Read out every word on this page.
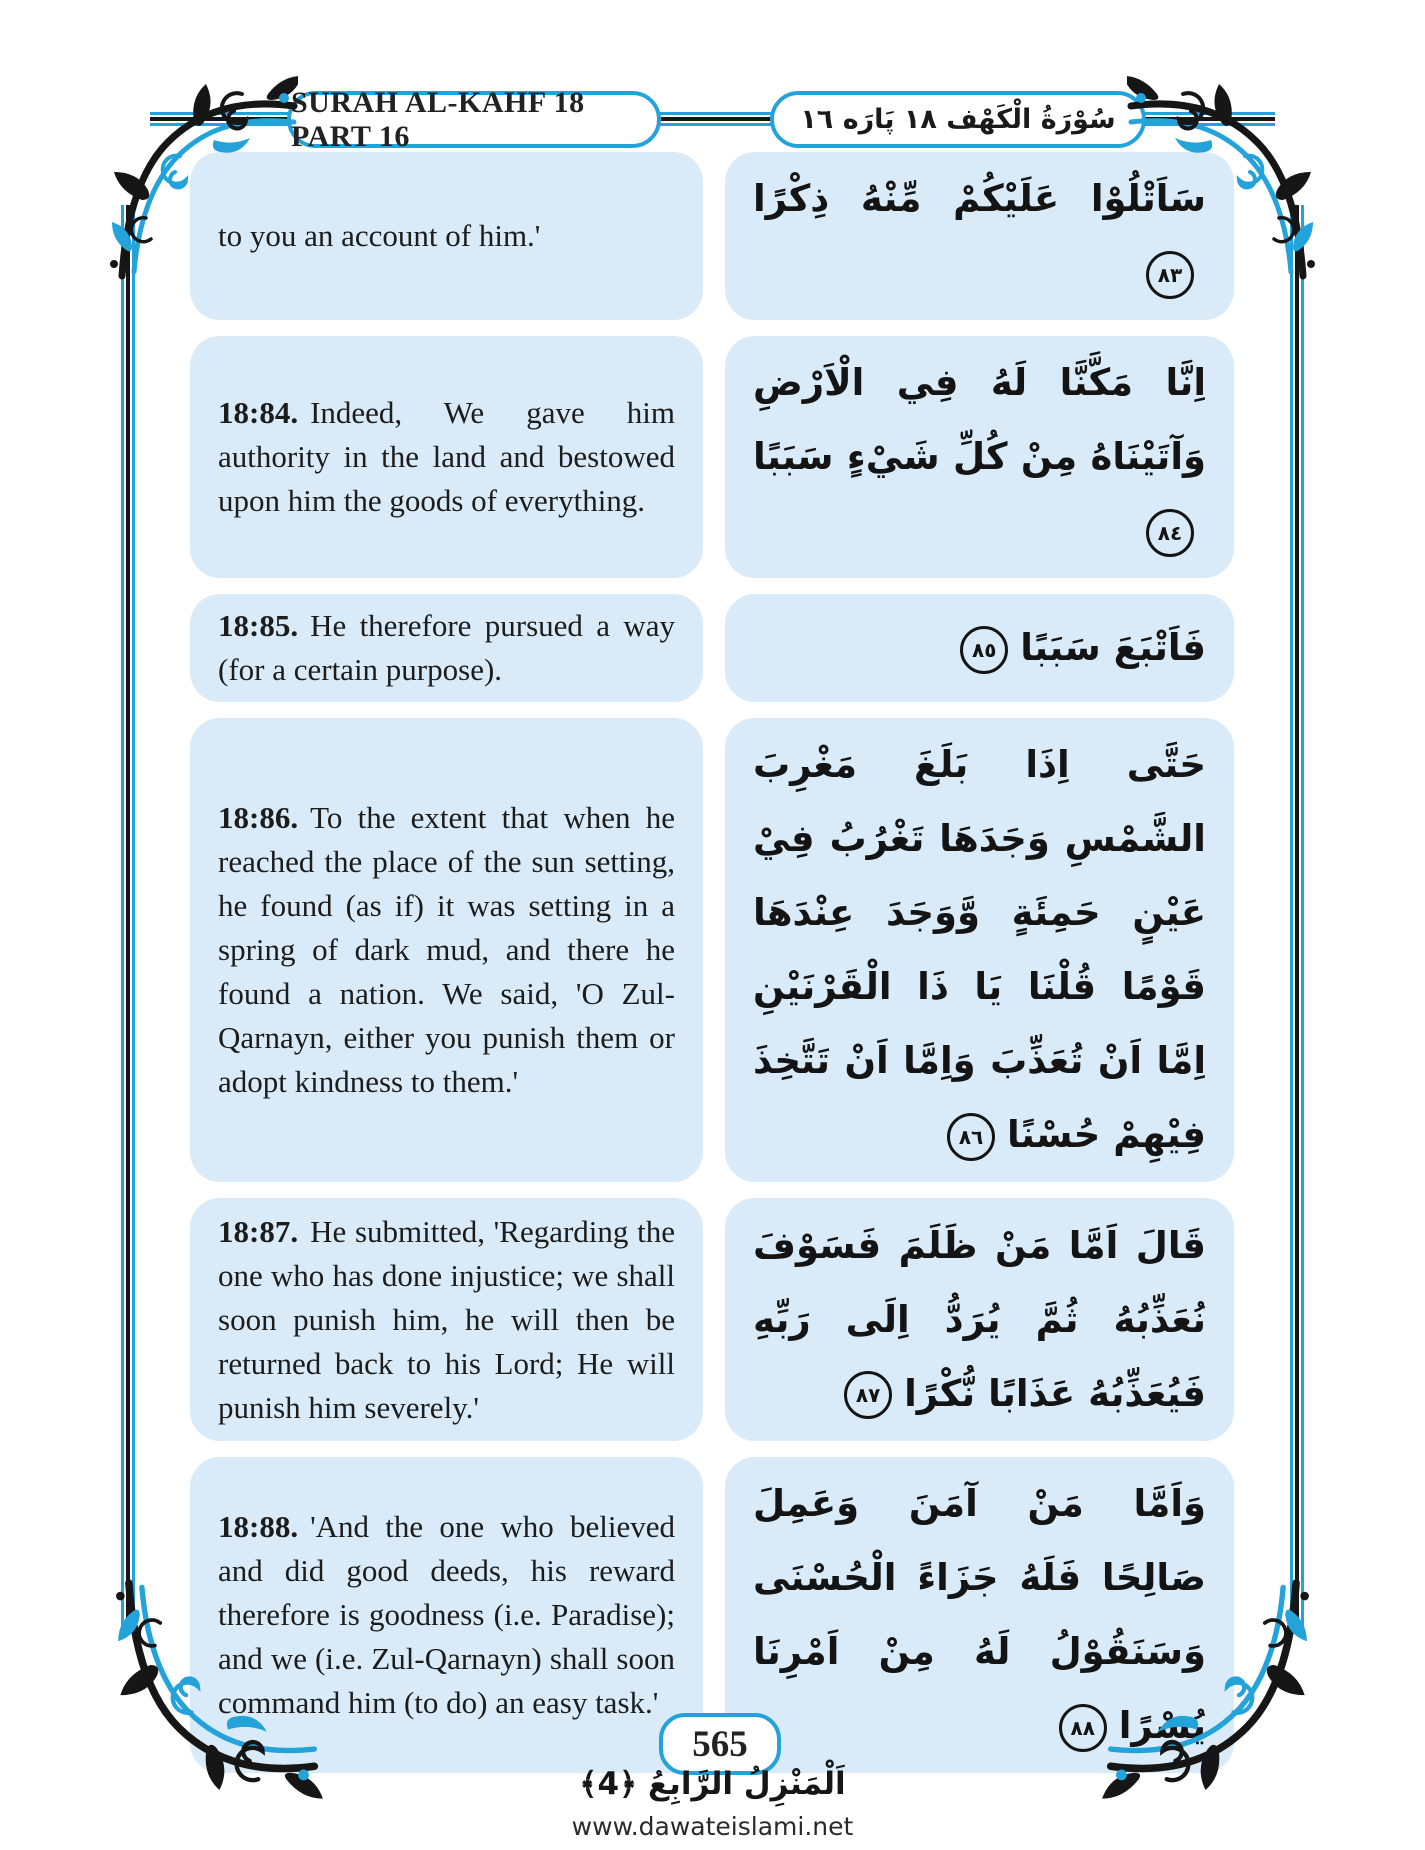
SURAH AL-KAHF 18 PART 16	سُوْرَةُ الْكَهْف ١٨ پَارَه ١٦

to you an account of him.'

سَاَتْلُوْا عَلَيْكُمْ مِّنْهُ ذِكْرًا٨٣

18:84. Indeed, We gave him authority in the land and bestowed upon him the goods of everything.

اِنَّا مَكَّنَّا لَهُ فِي الْاَرْضِ وَآتَيْنَاهُ مِنْ كُلِّ شَيْءٍ سَبَبًا٨٤

18:85. He therefore pursued a way (for a certain purpose).

فَاَتْبَعَ سَبَبًا٨٥

18:86. To the extent that when he reached the place of the sun setting, he found (as if) it was setting in a spring of dark mud, and there he found a nation. We said, 'O Zul-Qarnayn, either you punish them or adopt kindness to them.'

حَتَّى اِذَا بَلَغَ مَغْرِبَ الشَّمْسِ وَجَدَهَا تَغْرُبُ فِيْ عَيْنٍ حَمِئَةٍ وَّوَجَدَ عِنْدَهَا قَوْمًا قُلْنَا يَا ذَا الْقَرْنَيْنِ اِمَّا اَنْ تُعَذِّبَ وَاِمَّا اَنْ تَتَّخِذَ فِيْهِمْ حُسْنًا٨٦

18:87. He submitted, 'Regarding the one who has done injustice; we shall soon punish him, he will then be returned back to his Lord; He will punish him severely.'

قَالَ اَمَّا مَنْ ظَلَمَ فَسَوْفَ نُعَذِّبُهُ ثُمَّ يُرَدُّ اِلَى رَبِّهِ فَيُعَذِّبُهُ عَذَابًا نُّكْرًا٨٧

18:88. 'And the one who believed and did good deeds, his reward therefore is goodness (i.e. Paradise); and we (i.e. Zul-Qarnayn) shall soon command him (to do) an easy task.'

وَاَمَّا مَنْ آمَنَ وَعَمِلَ صَالِحًا فَلَهُ جَزَاءً الْحُسْنَى وَسَنَقُوْلُ لَهُ مِنْ اَمْرِنَا يُسْرًا٨٨

565
اَلْمَنْزِلُ الرَّابِعُ ﴿4﴾
www.dawateislami.net
